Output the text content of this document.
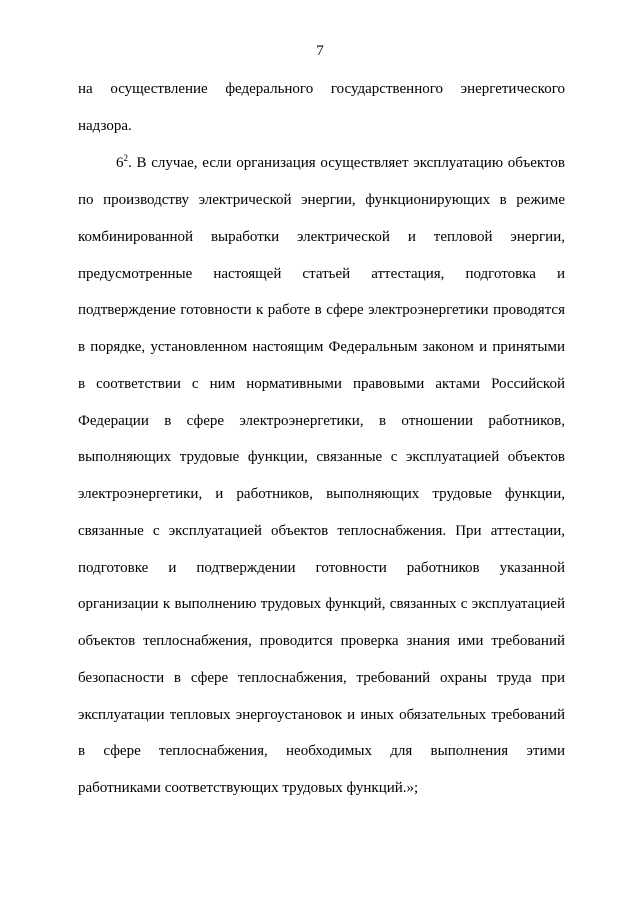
7
на осуществление федерального государственного энергетического
надзора.
$6^2$. В случае, если организация осуществляет эксплуатацию объектов
по производству электрической энергии, функционирующих в режиме
комбинированной выработки электрической и тепловой энергии,
предусмотренные настоящей статьей аттестация, подготовка и
подтверждение готовности к работе в сфере электроэнергетики проводятся
в порядке, установленном настоящим Федеральным законом и принятыми
в соответствии с ним нормативными правовыми актами Российской
Федерации в сфере электроэнергетики, в отношении работников,
выполняющих трудовые функции, связанные с эксплуатацией объектов
электроэнергетики, и работников, выполняющих трудовые функции,
связанные с эксплуатацией объектов теплоснабжения. При аттестации,
подготовке и подтверждении готовности работников указанной
организации к выполнению трудовых функций, связанных с эксплуатацией
объектов теплоснабжения, проводится проверка знания ими требований
безопасности в сфере теплоснабжения, требований охраны труда при
эксплуатации тепловых энергоустановок и иных обязательных требований
в сфере теплоснабжения, необходимых для выполнения этими
работниками соответствующих трудовых функций.»;
